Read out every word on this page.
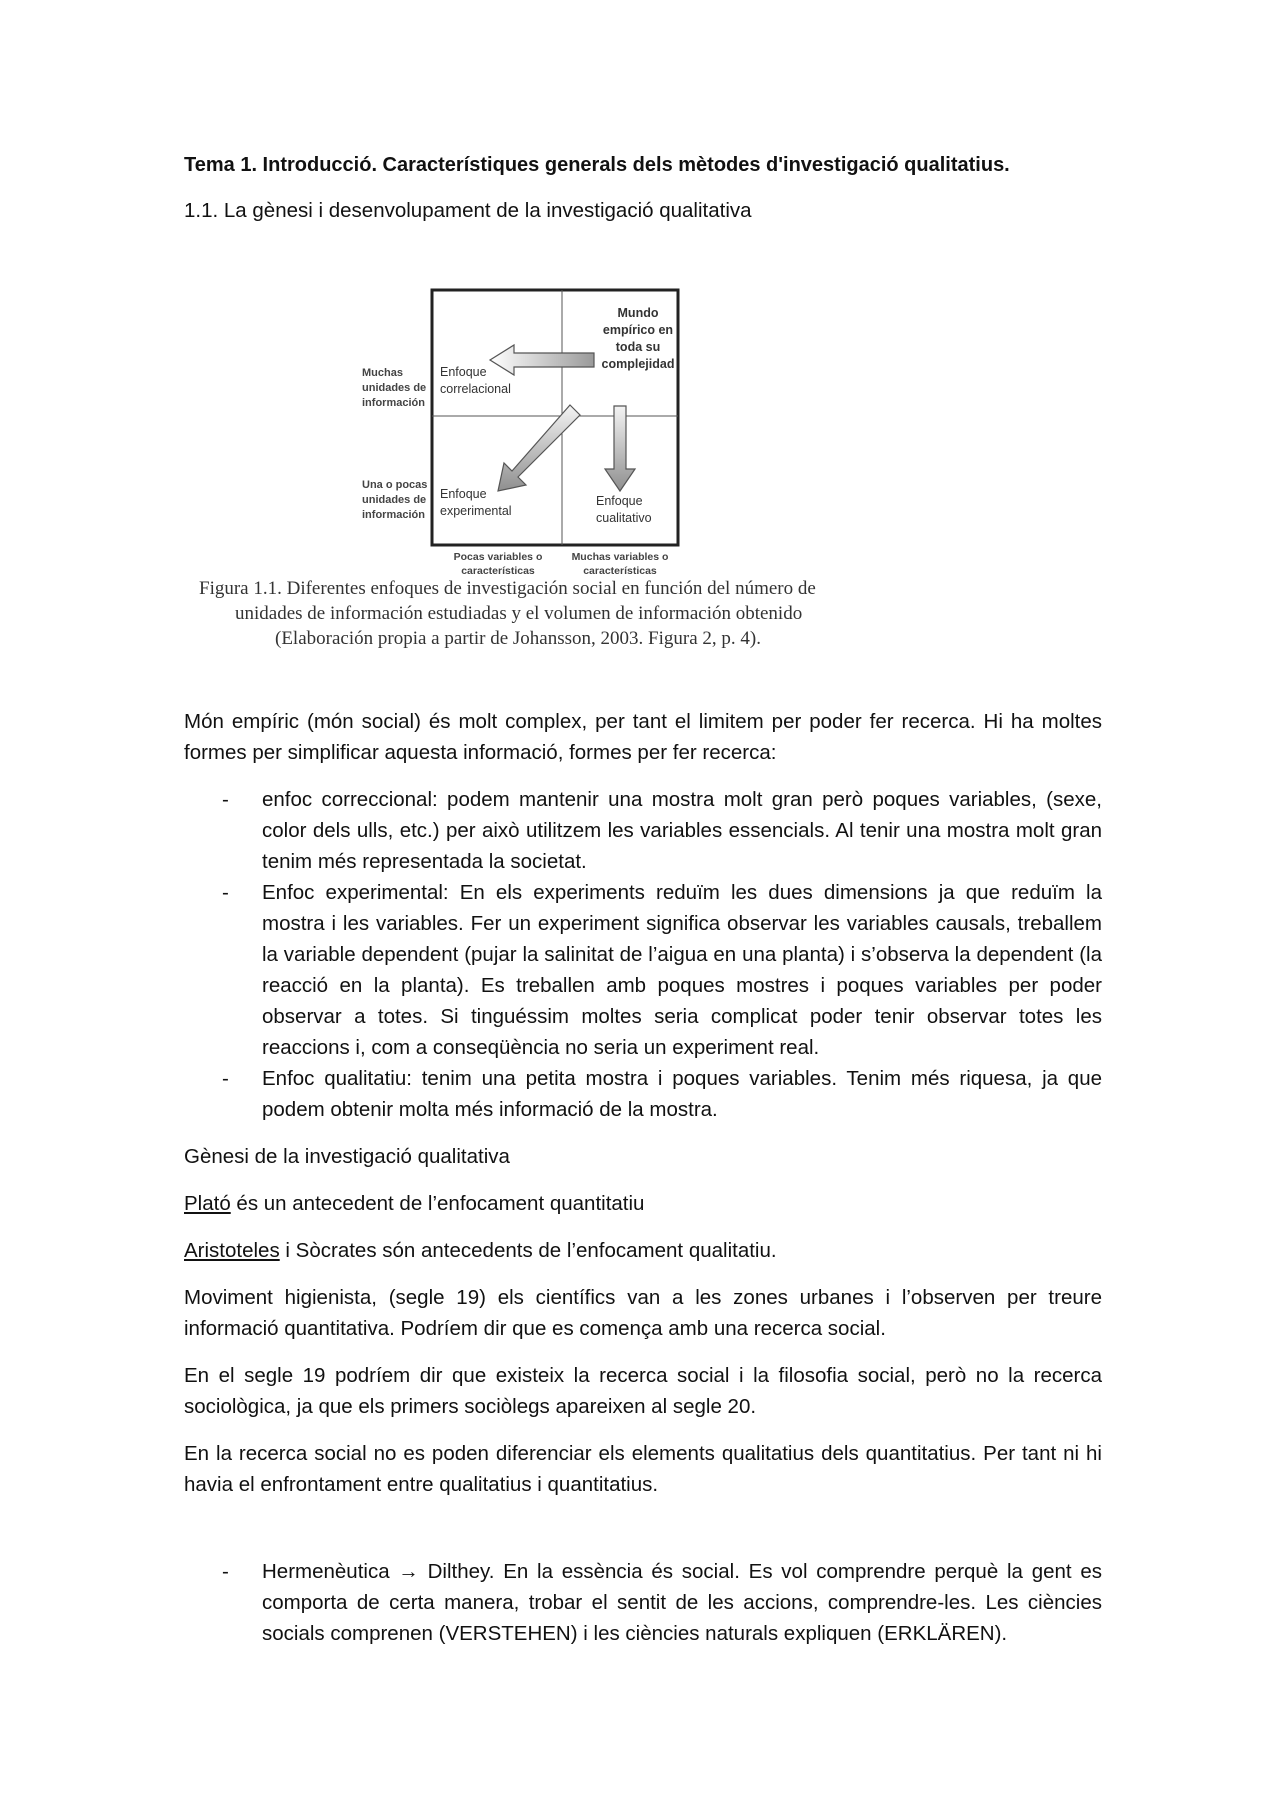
Tema 1. Introducció. Característiques generals dels mètodes d'investigació qualitatius.
1.1. La gènesi i desenvolupament de la investigació qualitativa
Muchas
unidades de
información
Una o pocas
unidades de
información
Enfoque
correlacional
Enfoque
experimental
Enfoque
cualitativo
Mundo
empírico en
toda su
complejidad
Pocas variables o
características
Muchas variables o
características
Figura 1.1. Diferentes enfoques de investigación social en función del número de
unidades de información estudiadas y el volumen de información obtenido
(Elaboración propia a partir de Johansson, 2003. Figura 2, p. 4).

Món empíric (món social) és molt complex, per tant el limitem per poder fer recerca. Hi ha moltes formes per simplificar aquesta informació, formes per fer recerca:

- enfoc correccional: podem mantenir una mostra molt gran però poques variables, (sexe, color dels ulls, etc.) per això utilitzem les variables essencials. Al tenir una mostra molt gran tenim més representada la societat.
- Enfoc experimental: En els experiments reduïm les dues dimensions ja que reduïm la mostra i les variables. Fer un experiment significa observar les variables causals, treballem la variable dependent (pujar la salinitat de l’aigua en una planta) i s’observa la dependent (la reacció en la planta). Es treballen amb poques mostres i poques variables per poder observar a totes. Si tinguéssim moltes seria complicat poder tenir observar totes les reaccions i, com a conseqüència no seria un experiment real.
- Enfoc qualitatiu: tenim una petita mostra i poques variables. Tenim més riquesa, ja que podem obtenir molta més informació de la mostra.

Gènesi de la investigació qualitativa

Plató és un antecedent de l’enfocament quantitatiu

Aristoteles i Sòcrates són antecedents de l’enfocament qualitatiu.

Moviment higienista, (segle 19) els científics van a les zones urbanes i l’observen per treure informació quantitativa. Podríem dir que es comença amb una recerca social.

En el segle 19 podríem dir que existeix la recerca social i la filosofia social, però no la recerca sociològica, ja que els primers sociòlegs apareixen al segle 20.

En la recerca social no es poden diferenciar els elements qualitatius dels quantitatius. Per tant ni hi havia el enfrontament entre qualitatius i quantitatius.

- Hermenèutica → Dilthey. En la essència és social. Es vol comprendre perquè la gent es comporta de certa manera, trobar el sentit de les accions, comprendre-les. Les ciències socials comprenen (VERSTEHEN) i les ciències naturals expliquen (ERKLÄREN).
